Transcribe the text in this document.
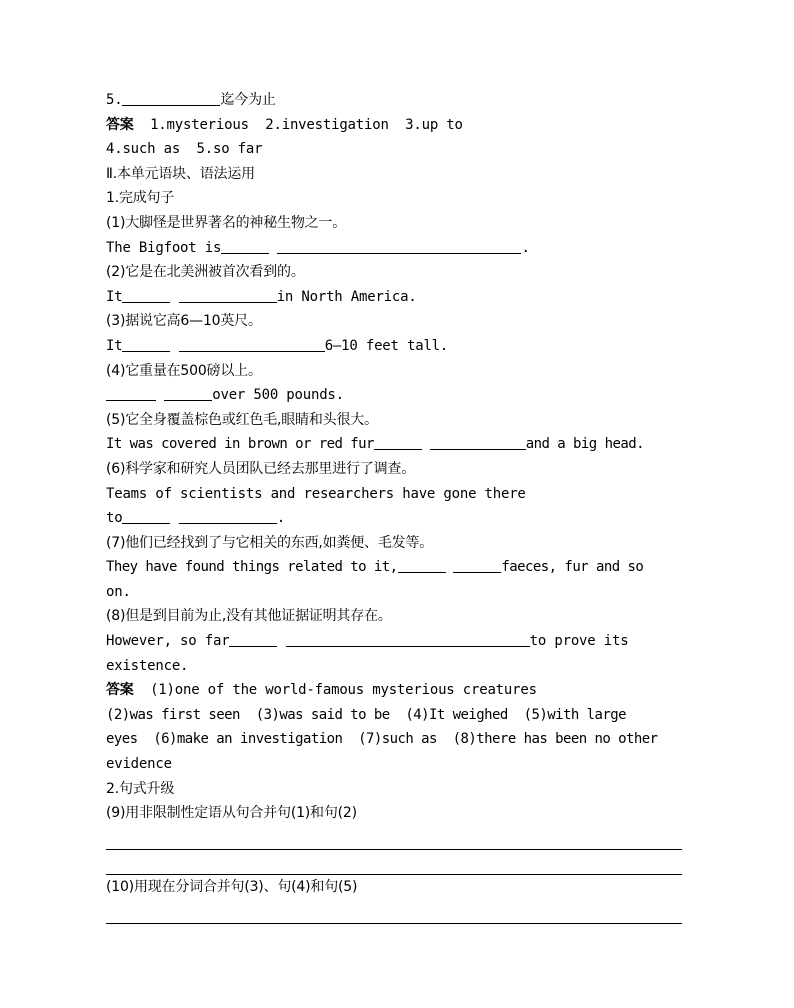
5.	迄今为止
答案  1.mysterious  2.investigation  3.up to
4.such as  5.so far
Ⅱ.本单元语块、语法运用
1.完成句子
(1)大脚怪是世界著名的神秘生物之一。
The Bigfoot is	.
(2)它是在北美洲被首次看到的。
It	in North America.
(3)据说它高6—10英尺。
It	6—10 feet tall.
(4)它重量在500磅以上。
over 500 pounds.
(5)它全身覆盖棕色或红色毛,眼睛和头很大。
It was covered in brown or red fur	and a big head.
(6)科学家和研究人员团队已经去那里进行了调查。
Teams of scientists and researchers have gone there
to	.
(7)他们已经找到了与它相关的东西,如粪便、毛发等。
They have found things related to it,	faeces, fur and so
on.
(8)但是到目前为止,没有其他证据证明其存在。
However, so far	to prove its
existence.
答案  (1)one of the world-famous mysterious creatures
(2)was first seen  (3)was said to be  (4)It weighed  (5)with large
eyes  (6)make an investigation  (7)such as  (8)there has been no other
evidence
2.句式升级
(9)用非限制性定语从句合并句(1)和句(2)
(10)用现在分词合并句(3)、句(4)和句(5)
